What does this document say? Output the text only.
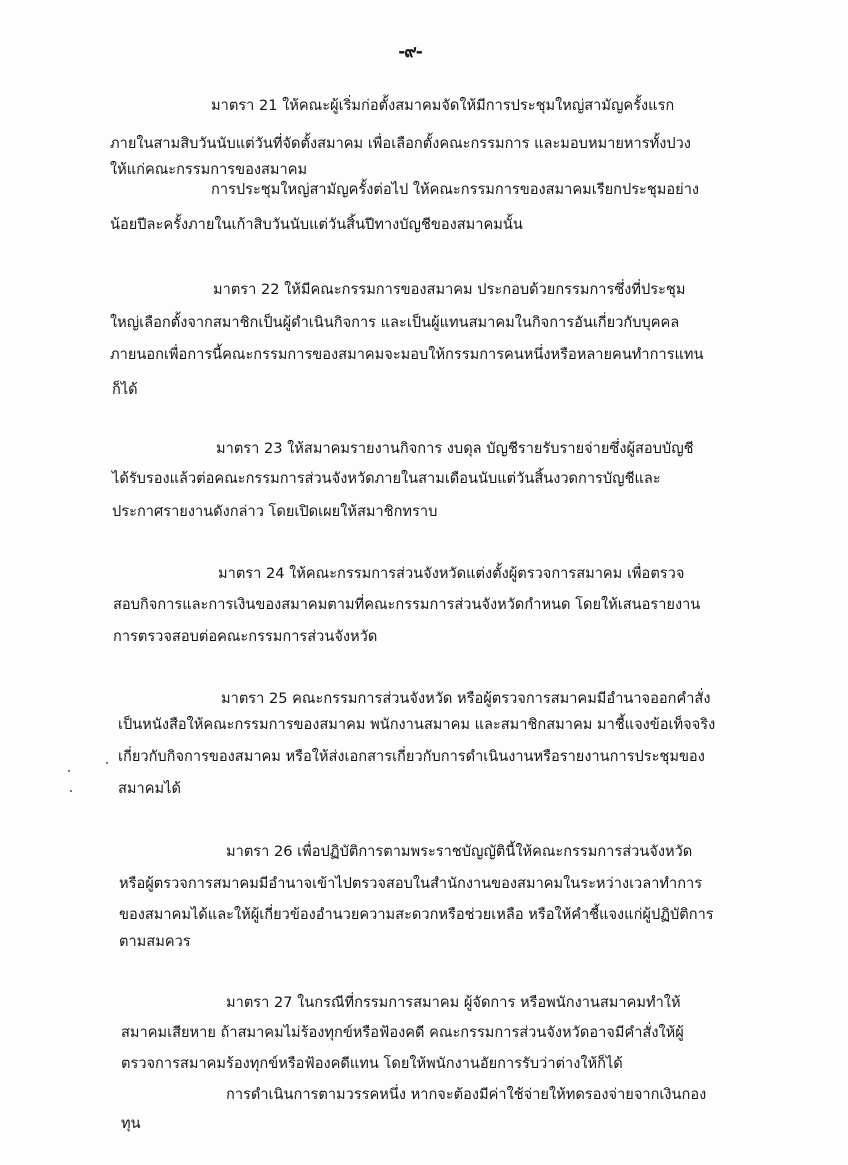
-๙-
มาตรา 21 ให้คณะผู้เริ่มก่อตั้งสมาคมจัดให้มีการประชุมใหญ่สามัญครั้งแรก
ภายในสามสิบวันนับแต่วันที่จัดตั้งสมาคม เพื่อเลือกตั้งคณะกรรมการ และมอบหมายหารทั้งปวง
ให้แก่คณะกรรมการของสมาคม
การประชุมใหญ่สามัญครั้งต่อไป ให้คณะกรรมการของสมาคมเรียกประชุมอย่าง
น้อยปีละครั้งภายในเก้าสิบวันนับแต่วันสิ้นปีทางบัญชีของสมาคมนั้น
มาตรา 22 ให้มีคณะกรรมการของสมาคม ประกอบด้วยกรรมการซึ่งที่ประชุม
ใหญ่เลือกตั้งจากสมาชิกเป็นผู้ดำเนินกิจการ และเป็นผู้แทนสมาคมในกิจการอันเกี่ยวกับบุคคล
ภายนอกเพื่อการนี้คณะกรรมการของสมาคมจะมอบให้กรรมการคนหนึ่งหรือหลายคนทำการแทน
ก็ได้
มาตรา 23 ให้สมาคมรายงานกิจการ งบดุล บัญชีรายรับรายจ่ายซึ่งผู้สอบบัญชี
ได้รับรองแล้วต่อคณะกรรมการส่วนจังหวัดภายในสามเดือนนับแต่วันสิ้นงวดการบัญชีและ
ประกาศรายงานดังกล่าว โดยเปิดเผยให้สมาชิกทราบ
มาตรา 24 ให้คณะกรรมการส่วนจังหวัดแต่งตั้งผู้ตรวจการสมาคม เพื่อตรวจ
สอบกิจการและการเงินของสมาคมตามที่คณะกรรมการส่วนจังหวัดกำหนด โดยให้เสนอรายงาน
การตรวจสอบต่อคณะกรรมการส่วนจังหวัด
มาตรา 25 คณะกรรมการส่วนจังหวัด หรือผู้ตรวจการสมาคมมีอำนาจออกคำสั่ง
เป็นหนังสือให้คณะกรรมการของสมาคม พนักงานสมาคม และสมาชิกสมาคม มาชี้แจงข้อเท็จจริง
เกี่ยวกับกิจการของสมาคม หรือให้ส่งเอกสารเกี่ยวกับการดำเนินงานหรือรายงานการประชุมของ
สมาคมได้
มาตรา 26 เพื่อปฏิบัติการตามพระราชบัญญัตินี้ให้คณะกรรมการส่วนจังหวัด
หรือผู้ตรวจการสมาคมมีอำนาจเข้าไปตรวจสอบในสำนักงานของสมาคมในระหว่างเวลาทำการ
ของสมาคมได้และให้ผู้เกี่ยวข้องอำนวยความสะดวกหรือช่วยเหลือ หรือให้คำชี้แจงแก่ผู้ปฏิบัติการ
ตามสมควร
มาตรา 27 ในกรณีที่กรรมการสมาคม ผู้จัดการ หรือพนักงานสมาคมทำให้
สมาคมเสียหาย ถ้าสมาคมไม่ร้องทุกข์หรือฟ้องคดี คณะกรรมการส่วนจังหวัดอาจมีคำสั่งให้ผู้
ตรวจการสมาคมร้องทุกข์หรือฟ้องคดีแทน โดยให้พนักงานอัยการรับว่าต่างให้ก็ได้
การดำเนินการตามวรรคหนึ่ง หากจะต้องมีค่าใช้จ่ายให้ทดรองจ่ายจากเงินกอง
ทุน
